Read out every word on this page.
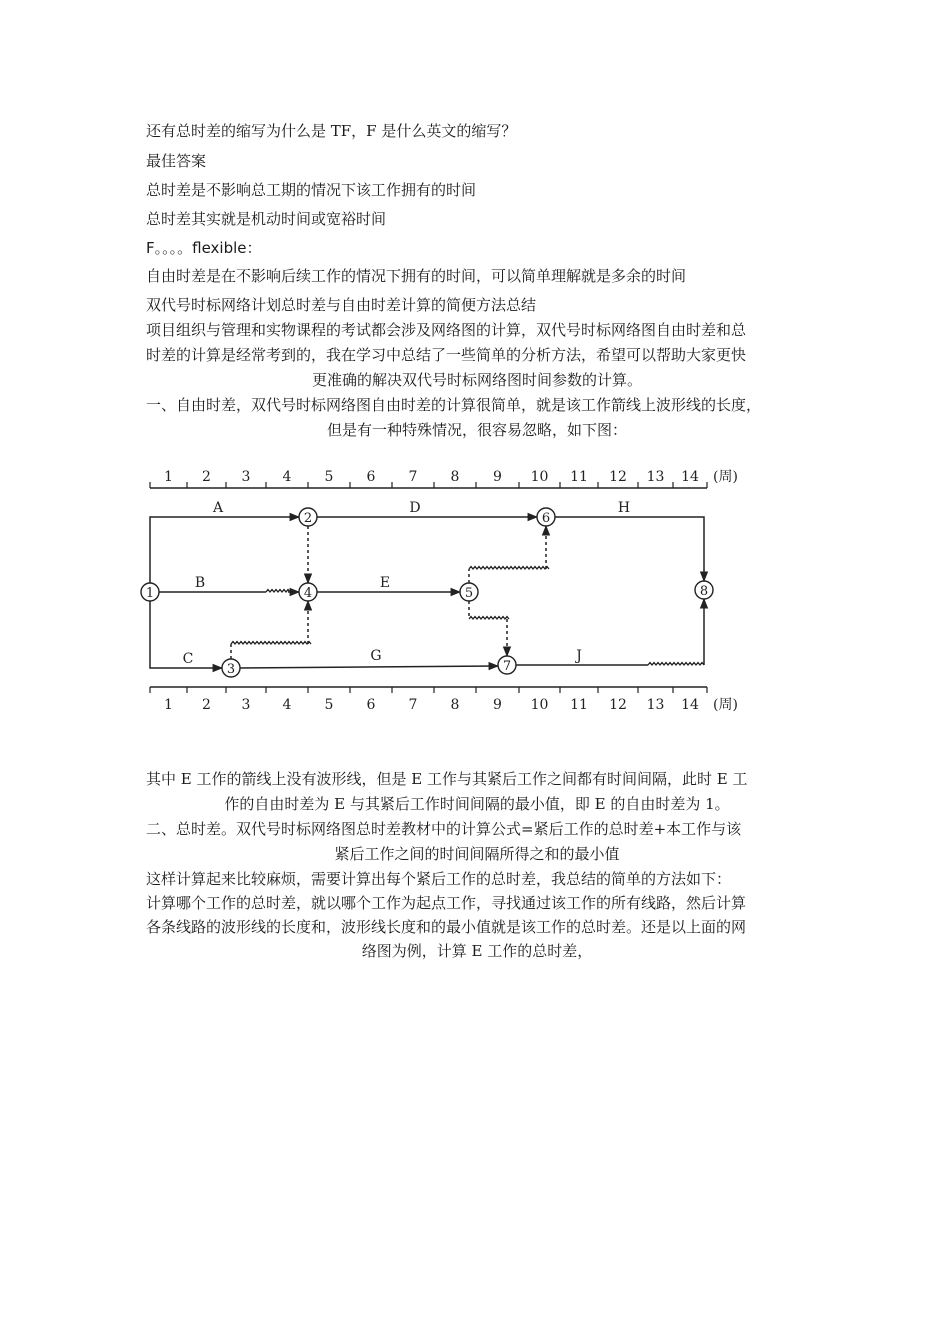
还有总时差的缩写为什么是 TF，F 是什么英文的缩写？
最佳答案
总时差是不影响总工期的情况下该工作拥有的时间
总时差其实就是机动时间或宽裕时间
F。。。。flexible：
自由时差是在不影响后续工作的情况下拥有的时间，可以简单理解就是多余的时间
双代号时标网络计划总时差与自由时差计算的简便方法总结
项目组织与管理和实物课程的考试都会涉及网络图的计算，双代号时标网络图自由时差和总
时差的计算是经常考到的，我在学习中总结了一些简单的分析方法，希望可以帮助大家更快
更准确的解决双代号时标网络图时间参数的计算。
一、自由时差，双代号时标网络图自由时差的计算很简单，就是该工作箭线上波形线的长度，
但是有一种特殊情况，很容易忽略，如下图：
1 2 3 4 5 6 7 8 9 10 11 12 13 14 (周)
1 2 3 4 5 6 7 8 9 10 11 12 13 14 (周)
A
B
C
D
E
G
H
J
1
2
3
4	5
6
7
8
其中 E 工作的箭线上没有波形线，但是 E 工作与其紧后工作之间都有时间间隔，此时 E 工
作的自由时差为 E 与其紧后工作时间间隔的最小值，即 E 的自由时差为 1。
二、总时差。双代号时标网络图总时差教材中的计算公式=紧后工作的总时差+本工作与该
紧后工作之间的时间间隔所得之和的最小值
这样计算起来比较麻烦，需要计算出每个紧后工作的总时差，我总结的简单的方法如下：
计算哪个工作的总时差，就以哪个工作为起点工作，寻找通过该工作的所有线路，然后计算
各条线路的波形线的长度和，波形线长度和的最小值就是该工作的总时差。还是以上面的网
络图为例，计算 E 工作的总时差，
